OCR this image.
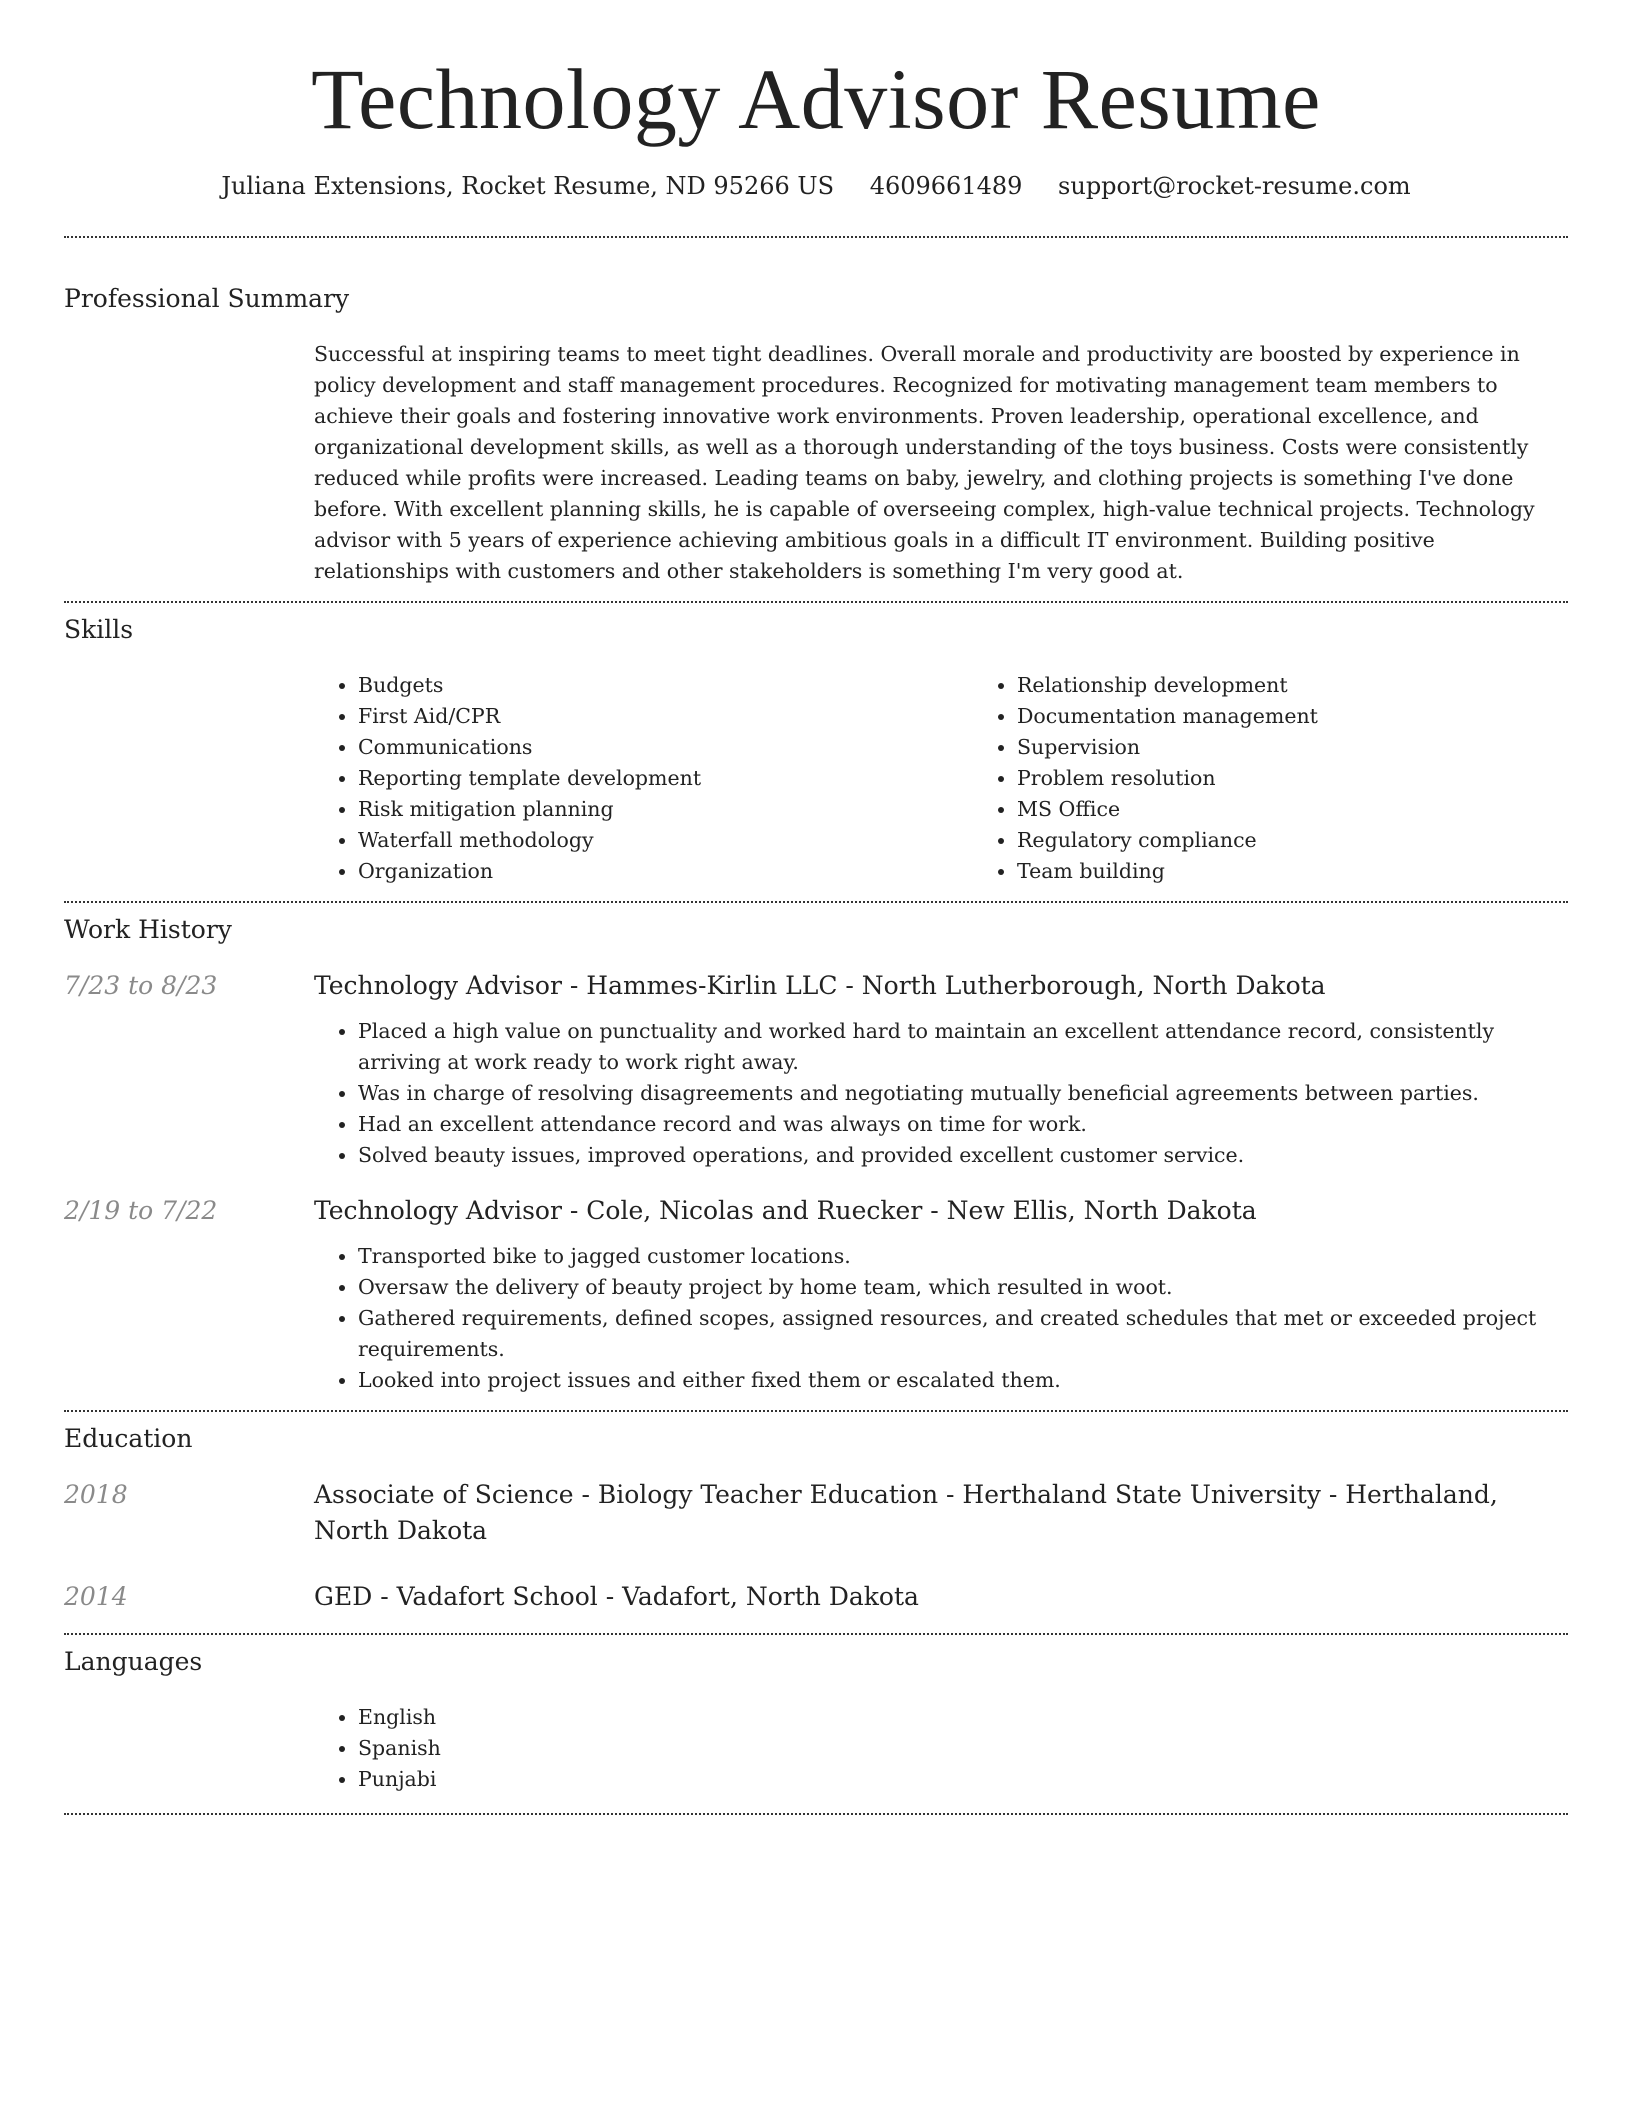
Technology Advisor Resume
Juliana Extensions, Rocket Resume, ND 95266 US 4609661489 support@rocket-resume.com
Professional Summary

Successful at inspiring teams to meet tight deadlines. Overall morale and productivity are boosted by experience in policy development and staff management procedures. Recognized for motivating management team members to achieve their goals and fostering innovative work environments. Proven leadership, operational excellence, and organizational development skills, as well as a thorough understanding of the toys business. Costs were consistently reduced while profits were increased. Leading teams on baby, jewelry, and clothing projects is something I've done before. With excellent planning skills, he is capable of overseeing complex, high-value technical projects. Technology advisor with 5 years of experience achieving ambitious goals in a difficult IT environment. Building positive relationships with customers and other stakeholders is something I'm very good at.

Skills
• Budgets
• First Aid/CPR
• Communications
• Reporting template development
• Risk mitigation planning
• Waterfall methodology
• Organization
• Relationship development
• Documentation management
• Supervision
• Problem resolution
• MS Office
• Regulatory compliance
• Team building
Work History
7/23 to 8/23	Technology Advisor - Hammes-Kirlin LLC - North Lutherborough, North Dakota
• Placed a high value on punctuality and worked hard to maintain an excellent attendance record, consistently arriving at work ready to work right away.
• Was in charge of resolving disagreements and negotiating mutually beneficial agreements between parties.
• Had an excellent attendance record and was always on time for work.
• Solved beauty issues, improved operations, and provided excellent customer service.
2/19 to 7/22	Technology Advisor - Cole, Nicolas and Ruecker - New Ellis, North Dakota
• Transported bike to jagged customer locations.
• Oversaw the delivery of beauty project by home team, which resulted in woot.
• Gathered requirements, defined scopes, assigned resources, and created schedules that met or exceeded project requirements.
• Looked into project issues and either fixed them or escalated them.
Education
2018	Associate of Science - Biology Teacher Education - Herthaland State University - Herthaland, North Dakota
2014	GED - Vadafort School - Vadafort, North Dakota
Languages
• English
• Spanish
• Punjabi
